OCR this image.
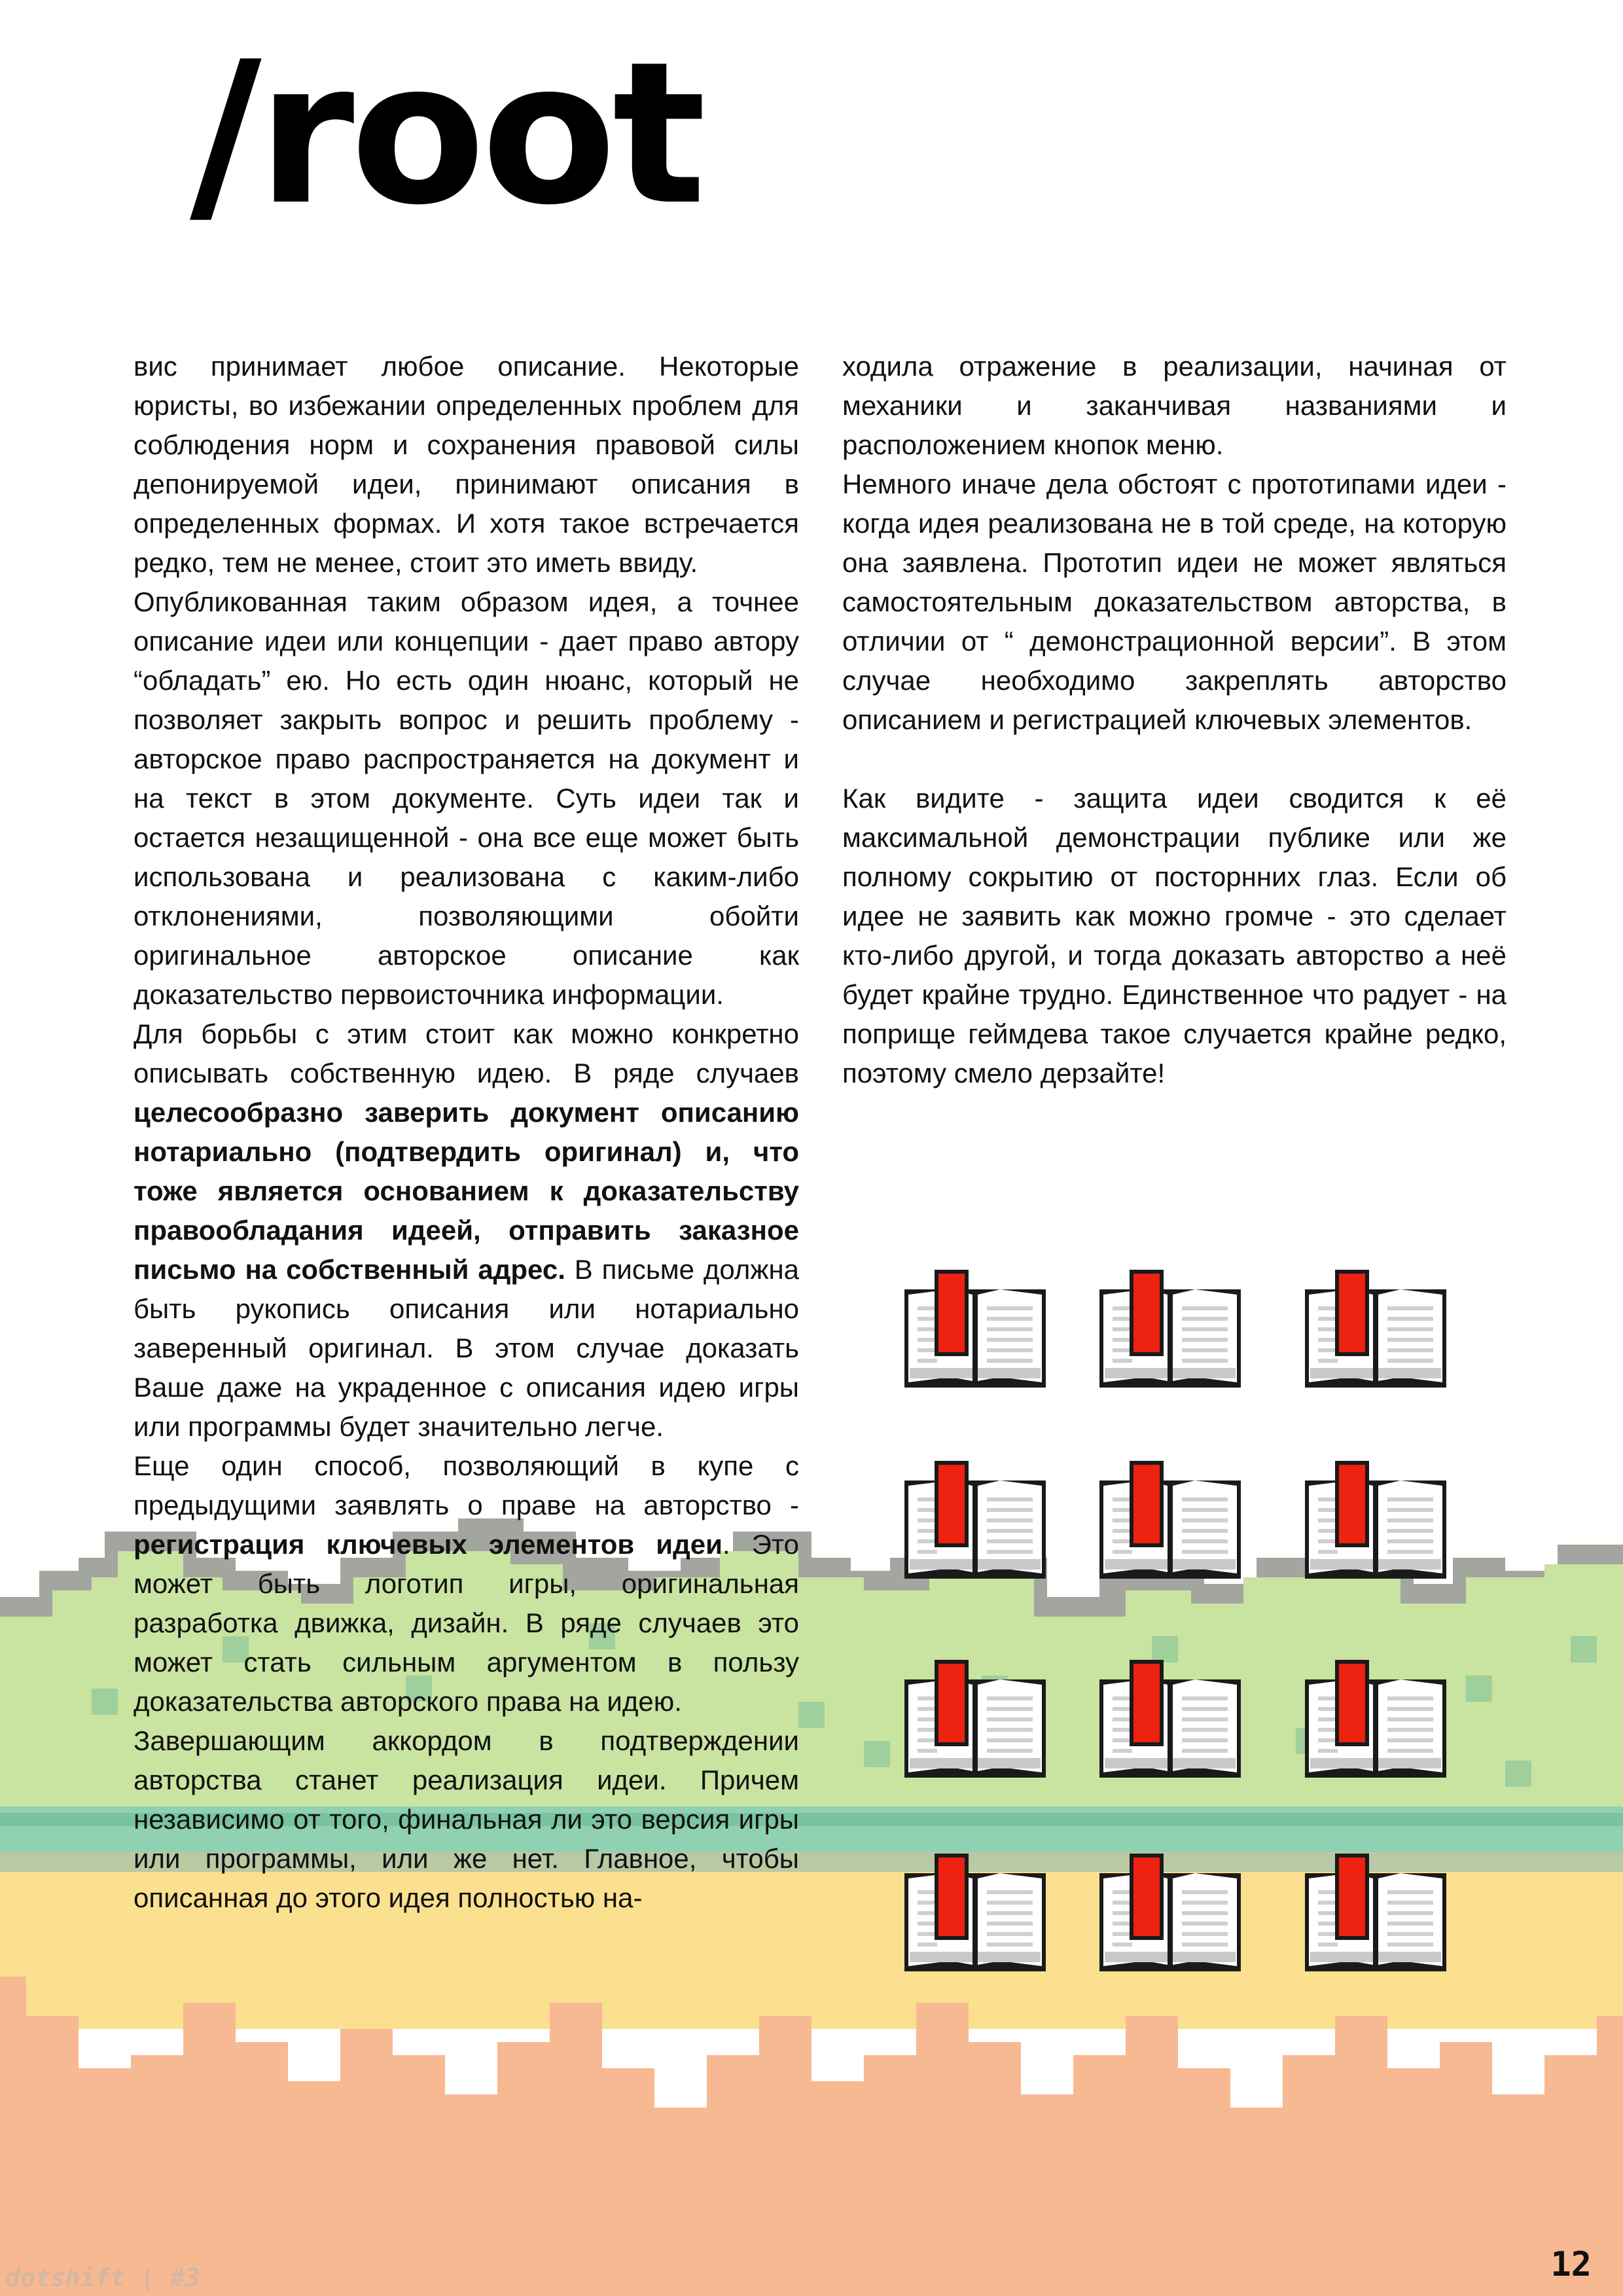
/root

вис принимает любое описание. Некоторые юристы, во избежании определенных проблем для соблюдения норм и сохранения правовой силы депонируемой идеи, принимают описания в определенных формах. И хотя такое встречается редко, тем не менее, стоит это иметь ввиду.

Опубликованная таким образом идея, а точнее описание идеи или концепции - дает право автору “обладать” ею. Но есть один нюанс, который не позволяет закрыть вопрос и решить проблему - авторское право распространяется на документ и на текст в этом документе. Суть идеи так и остается незащищенной - она все еще может быть использована и реализована с каким-либо отклонениями, позволяющими обойти оригинальное авторское описание как доказательство первоисточника информации.

Для борьбы с этим стоит как можно конкретно описывать собственную идею. В ряде случаев целесообразно заверить документ описанию нотариально (подтвердить оригинал) и, что тоже является основанием к доказательству правообладания идеей, отправить заказное письмо на собственный адрес. В письме должна быть рукопись описания или нотариально заверенный оригинал. В этом случае доказать Ваше даже на украденное с описания идею игры или программы будет значительно легче.

Еще один способ, позволяющий в купе с предыдущими заявлять о праве на авторство - регистрация ключевых элементов идеи. Это может быть логотип игры, оригинальная разработка движка, дизайн. В ряде случаев это может стать сильным аргументом в пользу доказательства авторского права на идею.

Завершающим аккордом в подтверждении авторства станет реализация идеи. Причем независимо от того, финальная ли это версия игры или программы, или же нет. Главное, чтобы описанная до этого идея полностью на-

ходила отражение в реализации, начиная от механики и заканчивая названиями и расположением кнопок меню.

Немного иначе дела обстоят с прототипами идеи - когда идея реализована не в той среде, на которую она заявлена. Прототип идеи не может являться самостоятельным доказательством авторства, в отличии от “ демонстрационной версии”. В этом случае необходимо закреплять авторство описанием и регистрацией ключевых элементов.

Как видите - защита идеи сводится к её максимальной демонстрации публике или же полному сокрытию от посторнних глаз. Если об идее не заявить как можно громче - это сделает кто-либо другой, и тогда доказать авторство а неё будет крайне трудно. Единственное что радует - на поприще геймдева такое случается крайне редко, поэтому смело дерзайте!

12
dotshift | #3
